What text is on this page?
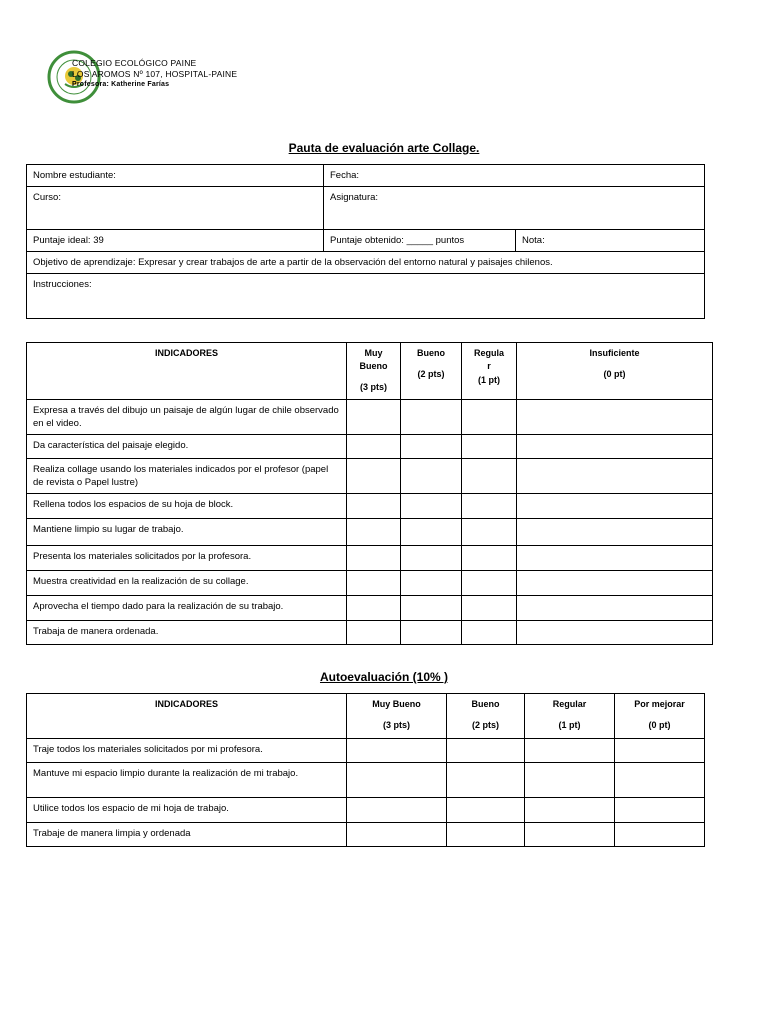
COLEGIO ECOLÓGICO PAINE
LOS AROMOS Nº 107, HOSPITAL-PAINE
Profesora: Katherine Farías
Pauta de evaluación arte Collage.
Nombre estudiante:	Fecha:	
Curso:	Asignatura:	
Puntaje ideal: 39	Puntaje obtenido: _____ puntos	Nota:
Objetivo de aprendizaje: Expresar y crear trabajos de arte a partir de la observación del entorno natural y paisajes chilenos.		
Instrucciones:		
INDICADORES	Muy
Bueno
(3 pts)	Bueno
(2 pts)	Regula
r
(1 pt)	Insuficiente
(0 pt)

Expresa a través del dibujo un paisaje de algún lugar de chile observado en el video.				
Da característica del paisaje elegido.				
Realiza collage usando los materiales indicados por el profesor (papel de revista o Papel lustre)				
Rellena todos los espacios de su hoja de block.				
Mantiene limpio su lugar de trabajo.				
Presenta los materiales solicitados por la profesora.				
Muestra creatividad en la realización de su collage.				
Aprovecha el tiempo dado para la realización de su trabajo.				
Trabaja de manera ordenada.				
Autoevaluación (10% )
INDICADORES	Muy Bueno
(3 pts)	Bueno
(2 pts)	Regular
(1 pt)	Por mejorar
(0 pt)

Traje todos los materiales solicitados por mi profesora.				
Mantuve mi espacio limpio durante la realización de mi trabajo.				
Utilice todos los espacio de mi hoja de trabajo.				
Trabaje de manera limpia y ordenada				
